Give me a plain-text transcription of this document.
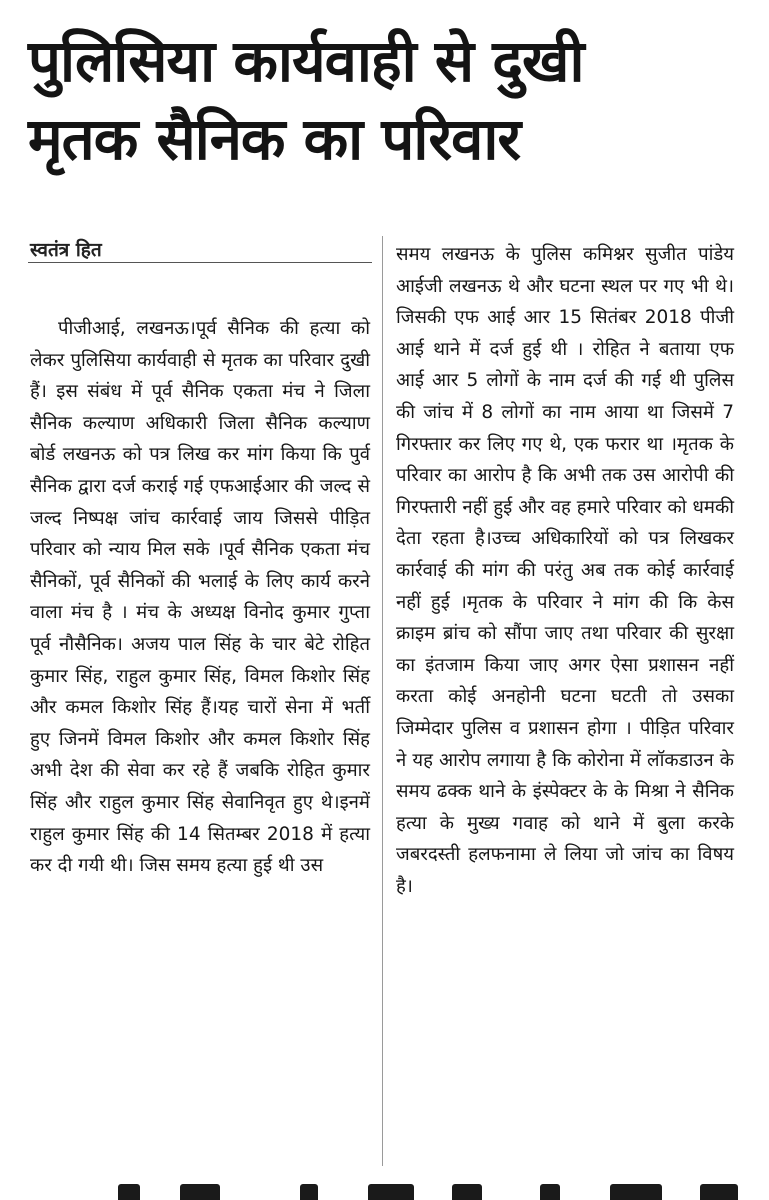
पुलिसिया कार्यवाही से दुखी
मृतक सैनिक का परिवार
स्वतंत्र हित

पीजीआई, लखनऊ।पूर्व सैनिक की हत्या को लेकर पुलिसिया कार्यवाही से मृतक का परिवार दुखी हैं। इस संबंध में पूर्व सैनिक एकता मंच ने जिला सैनिक कल्याण अधिकारी जिला सैनिक कल्याण बोर्ड लखनऊ को पत्र लिख कर मांग किया कि पुर्व सैनिक द्वारा दर्ज कराई गई एफआईआर की जल्द से जल्द निष्पक्ष जांच कार्रवाई जाय जिससे पीड़ित परिवार को न्याय मिल सके ।पूर्व सैनिक एकता मंच सैनिकों, पूर्व सैनिकों की भलाई के लिए कार्य करने वाला मंच है । मंच के अध्यक्ष विनोद कुमार गुप्ता पूर्व नौसैनिक। अजय पाल सिंह के चार बेटे रोहित कुमार सिंह, राहुल कुमार सिंह, विमल किशोर सिंह और कमल किशोर सिंह हैं।यह चारों सेना में भर्ती हुए जिनमें विमल किशोर और कमल किशोर सिंह अभी देश की सेवा कर रहे हैं जबकि रोहित कुमार सिंह और राहुल कुमार सिंह सेवानिवृत हुए थे।इनमें राहुल कुमार सिंह की 14 सितम्बर 2018 में हत्या कर दी गयी थी। जिस समय हत्या हुई थी उस

समय लखनऊ के पुलिस कमिश्नर सुजीत पांडेय आईजी लखनऊ थे और घटना स्थल पर गए भी थे। जिसकी एफ आई आर 15 सितंबर 2018 पीजी आई थाने में दर्ज हुई थी । रोहित ने बताया एफ आई आर 5 लोगों के नाम दर्ज की गई थी पुलिस की जांच में 8 लोगों का नाम आया था जिसमें 7 गिरफ्तार कर लिए गए थे, एक फरार था ।मृतक के परिवार का आरोप है कि अभी तक उस आरोपी की गिरफ्तारी नहीं हुई और वह हमारे परिवार को धमकी देता रहता है।उच्च अधिकारियों को पत्र लिखकर कार्रवाई की मांग की परंतु अब तक कोई कार्रवाई नहीं हुई ।मृतक के परिवार ने मांग की कि केस क्राइम ब्रांच को सौंपा जाए तथा परिवार की सुरक्षा का इंतजाम किया जाए अगर ऐसा प्रशासन नहीं करता कोई अनहोनी घटना घटती तो उसका जिम्मेदार पुलिस व प्रशासन होगा । पीड़ित परिवार ने यह आरोप लगाया है कि कोरोना में लॉकडाउन के समय ढक्क थाने के इंस्पेक्टर के के मिश्रा ने सैनिक हत्या के मुख्य गवाह को थाने में बुला करके जबरदस्ती हलफनामा ले लिया जो जांच का विषय है।
